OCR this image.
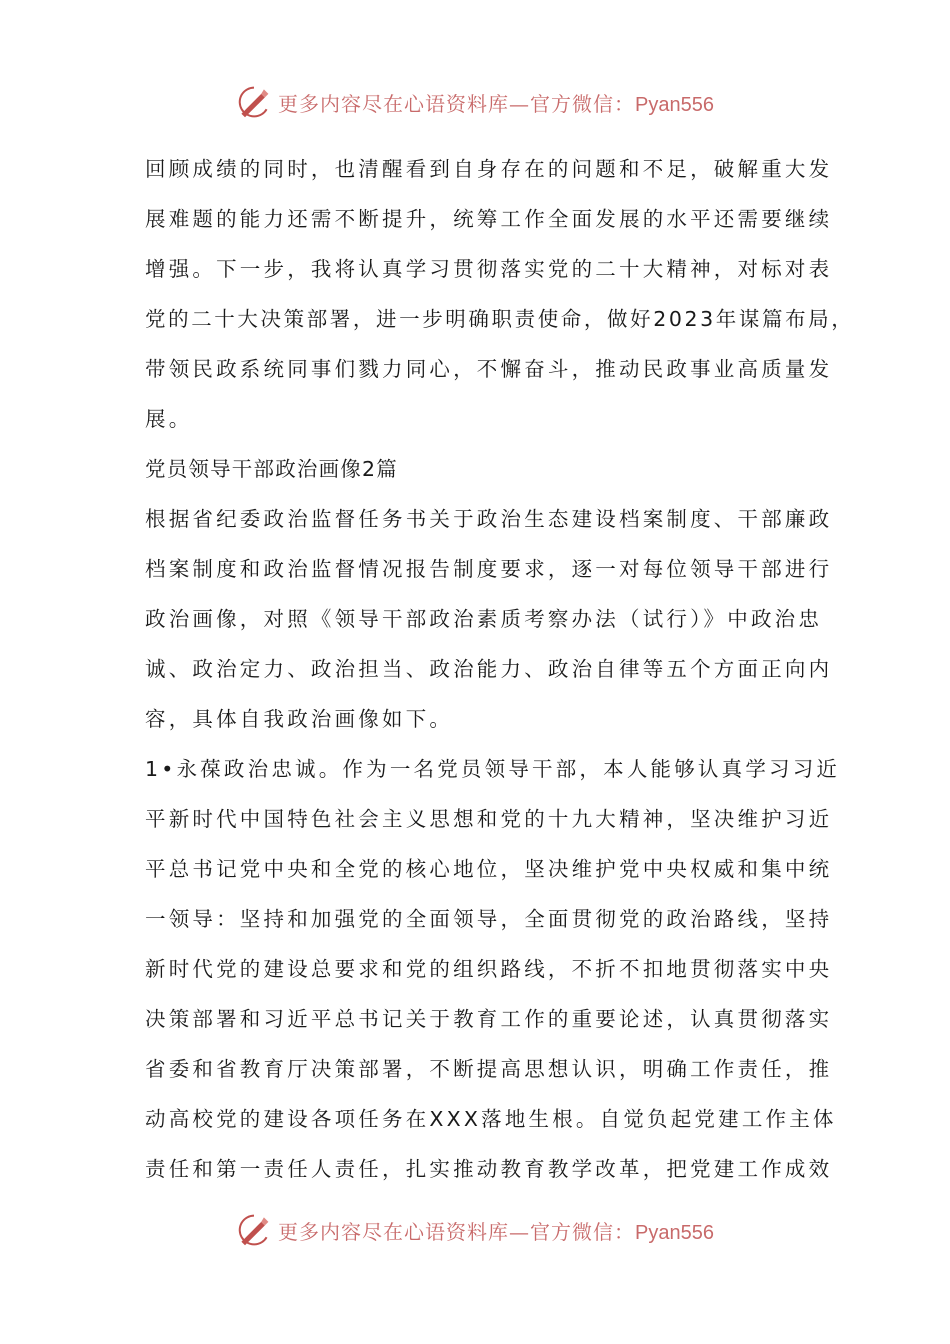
更多内容尽在心语资料库—官方微信：Pyan556
回顾成绩的同时，也清醒看到自身存在的问题和不足，破解重大发
展难题的能力还需不断提升，统筹工作全面发展的水平还需要继续
增强。下一步，我将认真学习贯彻落实党的二十大精神，对标对表
党的二十大决策部署，进一步明确职责使命，做好2023年谋篇布局，
带领民政系统同事们戮力同心，不懈奋斗，推动民政事业高质量发
展。
党员领导干部政治画像2篇
根据省纪委政治监督任务书关于政治生态建设档案制度、干部廉政
档案制度和政治监督情况报告制度要求，逐一对每位领导干部进行
政治画像，对照《领导干部政治素质考察办法（试行）》中政治忠
诚、政治定力、政治担当、政治能力、政治自律等五个方面正向内
容，具体自我政治画像如下。
1•永葆政治忠诚。作为一名党员领导干部，本人能够认真学习习近
平新时代中国特色社会主义思想和党的十九大精神，坚决维护习近
平总书记党中央和全党的核心地位，坚决维护党中央权威和集中统
一领导：坚持和加强党的全面领导，全面贯彻党的政治路线，坚持
新时代党的建设总要求和党的组织路线，不折不扣地贯彻落实中央
决策部署和习近平总书记关于教育工作的重要论述，认真贯彻落实
省委和省教育厅决策部署，不断提高思想认识，明确工作责任，推
动高校党的建设各项任务在XXX落地生根。自觉负起党建工作主体
责任和第一责任人责任，扎实推动教育教学改革，把党建工作成效
更多内容尽在心语资料库—官方微信：Pyan556
